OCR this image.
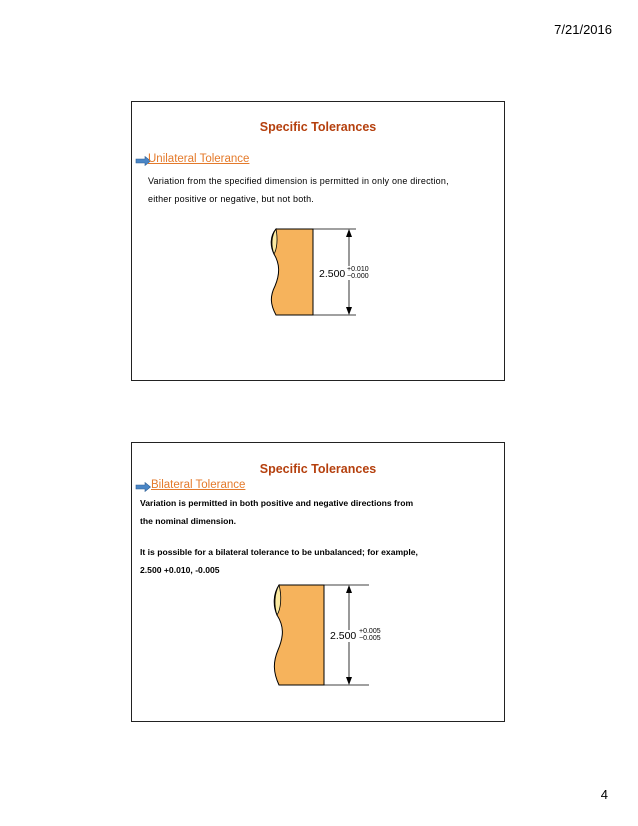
7/21/2016
Specific Tolerances
Unilateral Tolerance
Variation from the specified dimension is permitted in only one direction,
either positive or negative, but not both.
2.500 +0.010
−0.000
Specific Tolerances
Bilateral Tolerance
Variation is permitted in both positive and negative directions from
the nominal dimension.
It is possible for a bilateral tolerance to be unbalanced; for example,
2.500 +0.010, -0.005
2.500 +0.005
−0.005
4
